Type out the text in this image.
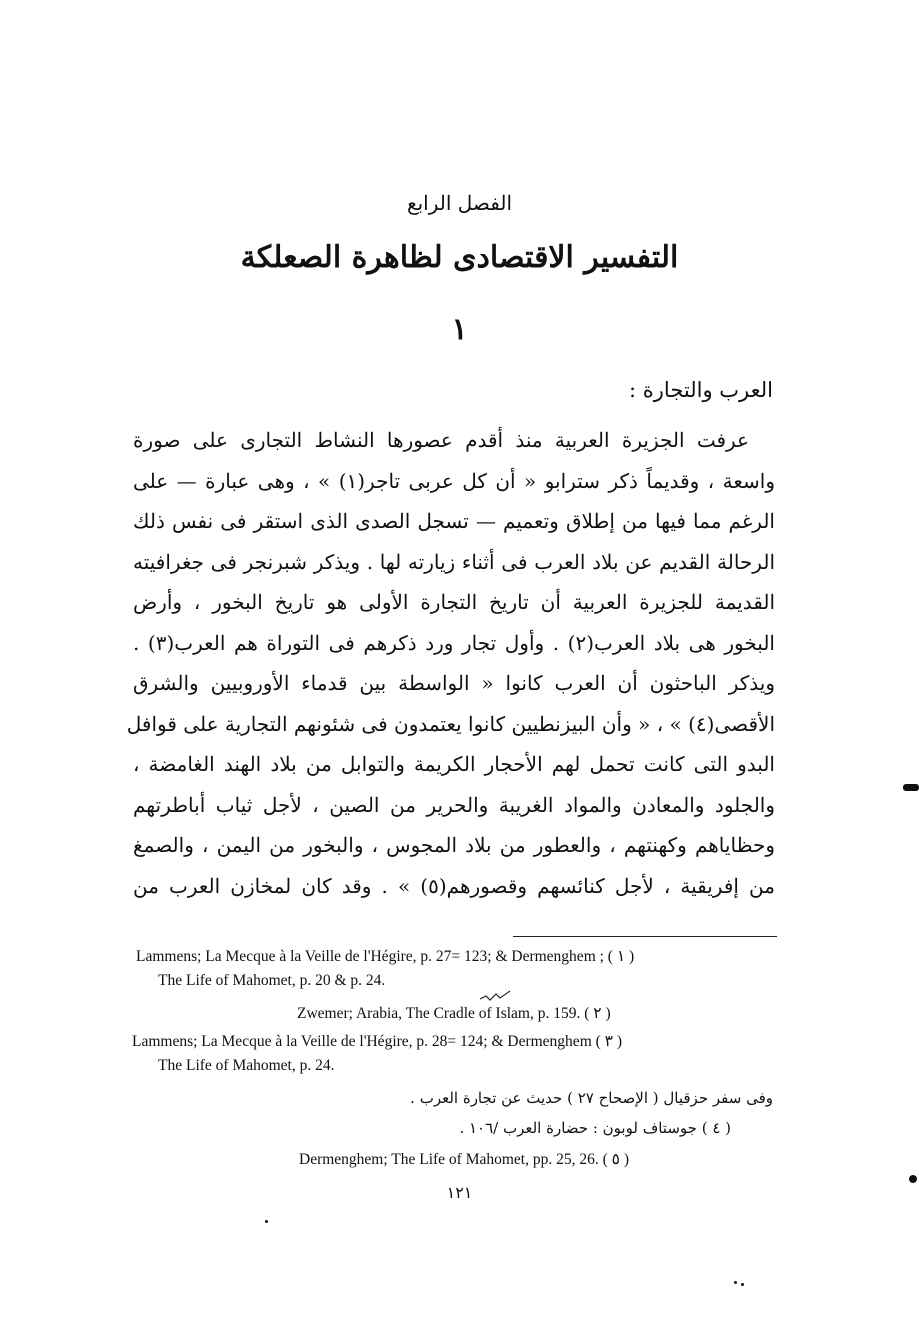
الفصل الرابع
التفسير الاقتصادى لظاهرة الصعلكة
١
العرب والتجارة :
عرفت الجزيرة العربية منذ أقدم عصورها النشاط التجارى على صورة
واسعة ، وقديماً ذكر سترابو « أن كل عربى تاجر(١) » ، وهى عبارة — على
الرغم مما فيها من إطلاق وتعميم — تسجل الصدى الذى استقر فى نفس ذلك
الرحالة القديم عن بلاد العرب فى أثناء زيارته لها . ويذكر شبرنجر فى جغرافيته
القديمة للجزيرة العربية أن تاريخ التجارة الأولى هو تاريخ البخور ، وأرض
البخور هى بلاد العرب(٢) . وأول تجار ورد ذكرهم فى التوراة هم العرب(٣) .
ويذكر الباحثون أن العرب كانوا « الواسطة بين قدماء الأوروبيين والشرق
الأقصى(٤) » ، « وأن البيزنطيين كانوا يعتمدون فى شئونهم التجارية على قوافل
البدو التى كانت تحمل لهم الأحجار الكريمة والتوابل من بلاد الهند الغامضة ،
والجلود والمعادن والمواد الغريبة والحرير من الصين ، لأجل ثياب أباطرتهم
وحظاياهم وكهنتهم ، والعطور من بلاد المجوس ، والبخور من اليمن ، والصمغ
من إفريقية ، لأجل كنائسهم وقصورهم(٥) » . وقد كان لمخازن العرب من
Lammens; La Mecque à la Veille de l'Hégire, p. 27= 123; & Dermenghem ; ( ١ )
The Life of Mahomet, p. 20 & p. 24.
Zwemer; Arabia, The Cradle of Islam, p. 159. ( ٢ )
Lammens; La Mecque à la Veille de l'Hégire, p. 28= 124; & Dermenghem ( ٣ )
The Life of Mahomet, p. 24.
وفى سفر حزقيال ( الإصحاح ٢٧ ) حديث عن تجارة العرب .
( ٤ ) جوستاف لوبون : حضارة العرب /١٠٦ .
Dermenghem; The Life of Mahomet, pp. 25, 26. ( ٥ )
١٢١
